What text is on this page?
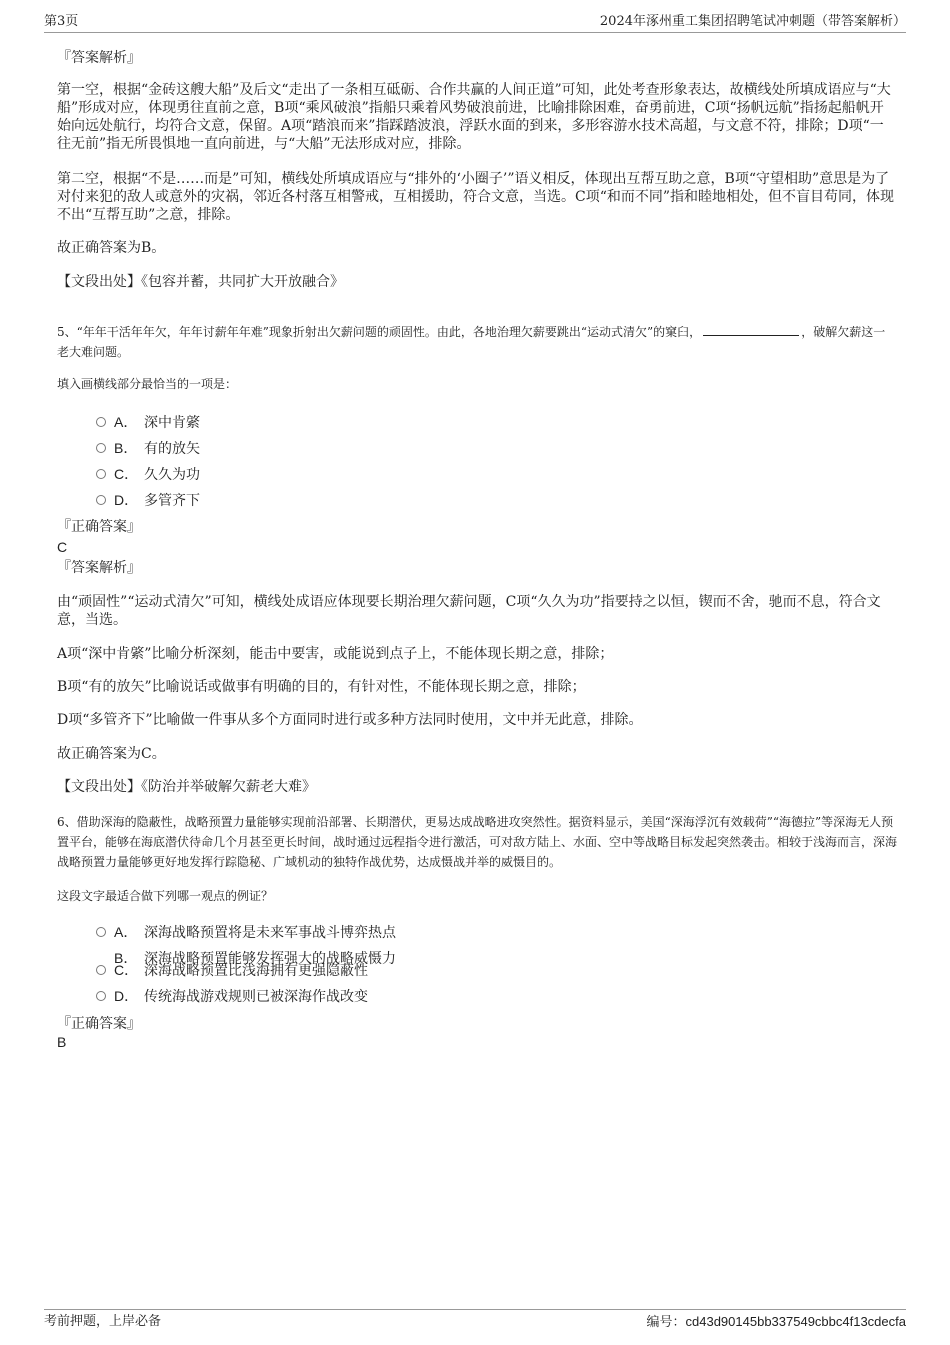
第3页	2024年涿州重工集团招聘笔试冲刺题（带答案解析）
『答案解析』
第一空，根据“金砖这艘大船”及后文“走出了一条相互砥砺、合作共赢的人间正道”可知，此处考查形象表达，故横线处所填成语应与“大船”形成对应，体现勇往直前之意，B项“乘风破浪”指船只乘着风势破浪前进，比喻排除困难，奋勇前进，C项“扬帆远航”指扬起船帆开始向远处航行，均符合文意，保留。A项“踏浪而来”指踩踏波浪，浮跃水面的到来，多形容游水技术高超，与文意不符，排除；D项“一往无前”指无所畏惧地一直向前进，与“大船”无法形成对应，排除。
第二空，根据“不是……而是”可知，横线处所填成语应与“排外的‘小圈子’”语义相反，体现出互帮互助之意，B项“守望相助”意思是为了对付来犯的敌人或意外的灾祸，邻近各村落互相警戒，互相援助，符合文意，当选。C项“和而不同”指和睦地相处，但不盲目苟同，体现不出“互帮互助”之意，排除。
故正确答案为B。
【文段出处】《包容并蓄，共同扩大开放融合》
5、“年年干活年年欠，年年讨薪年年难”现象折射出欠薪问题的顽固性。由此，各地治理欠薪要跳出“运动式清欠”的窠臼，	，破解欠薪这一老大难问题。
填入画横线部分最恰当的一项是：
A． 深中肯綮
B． 有的放矢
C． 久久为功
D． 多管齐下
『正确答案』
C
『答案解析』
由“顽固性”“运动式清欠”可知，横线处成语应体现要长期治理欠薪问题，C项“久久为功”指要持之以恒，锲而不舍，驰而不息，符合文意，当选。
A项“深中肯綮”比喻分析深刻，能击中要害，或能说到点子上，不能体现长期之意，排除；
B项“有的放矢”比喻说话或做事有明确的目的，有针对性，不能体现长期之意，排除；
D项“多管齐下”比喻做一件事从多个方面同时进行或多种方法同时使用，文中并无此意，排除。
故正确答案为C。
【文段出处】《防治并举破解欠薪老大难》
6、借助深海的隐蔽性，战略预置力量能够实现前沿部署、长期潜伏，更易达成战略进攻突然性。据资料显示，美国“深海浮沉有效载荷”“海德拉”等深海无人预置平台，能够在海底潜伏待命几个月甚至更长时间，战时通过远程指令进行激活，可对敌方陆上、水面、空中等战略目标发起突然袭击。相较于浅海而言，深海战略预置力量能够更好地发挥行踪隐秘、广域机动的独特作战优势，达成慑战并举的威慑目的。
这段文字最适合做下列哪一观点的例证？
A． 深海战略预置将是未来军事战斗博弈热点
B． 深海战略预置能够发挥强大的战略威慑力
C． 深海战略预置比浅海拥有更强隐蔽性
D． 传统海战游戏规则已被深海作战改变
『正确答案』
B
考前押题，上岸必备	编号：cd43d90145bb337549cbbc4f13cdecfa
